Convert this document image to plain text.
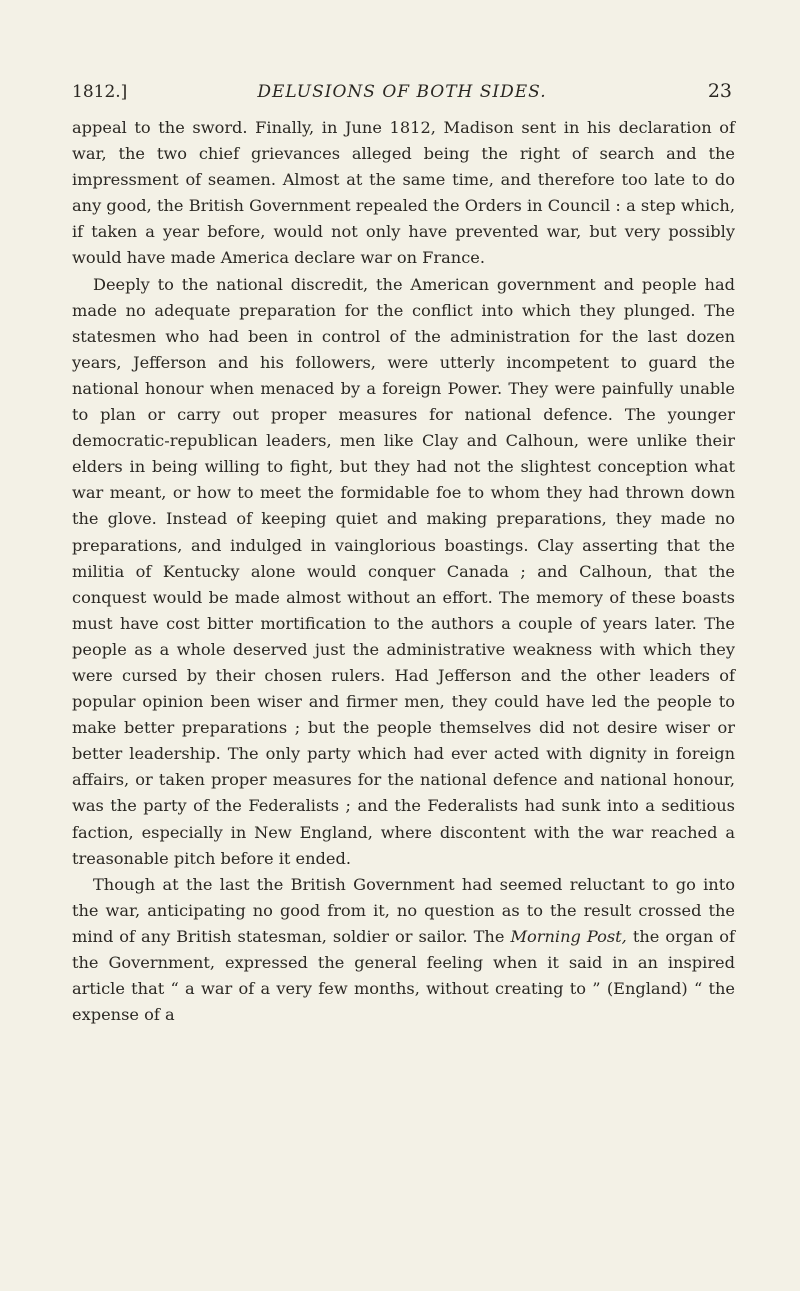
1812.]	DELUSIONS OF BOTH SIDES.	23

appeal to the sword. Finally, in June 1812, Madison sent in his declaration of war, the two chief grievances alleged being the right of search and the impressment of seamen. Almost at the same time, and therefore too late to do any good, the British Government repealed the Orders in Council : a step which, if taken a year before, would not only have prevented war, but very possibly would have made America declare war on France.

Deeply to the national discredit, the American government and people had made no adequate preparation for the conflict into which they plunged. The statesmen who had been in control of the administration for the last dozen years, Jefferson and his followers, were utterly incompetent to guard the national honour when menaced by a foreign Power. They were painfully unable to plan or carry out proper measures for national defence. The younger democratic-republican leaders, men like Clay and Calhoun, were unlike their elders in being willing to fight, but they had not the slightest conception what war meant, or how to meet the formidable foe to whom they had thrown down the glove. Instead of keeping quiet and making preparations, they made no preparations, and indulged in vainglorious boastings. Clay asserting that the militia of Kentucky alone would conquer Canada ; and Calhoun, that the conquest would be made almost without an effort. The memory of these boasts must have cost bitter mortification to the authors a couple of years later. The people as a whole deserved just the administrative weakness with which they were cursed by their chosen rulers. Had Jefferson and the other leaders of popular opinion been wiser and firmer men, they could have led the people to make better preparations ; but the people themselves did not desire wiser or better leadership. The only party which had ever acted with dignity in foreign affairs, or taken proper measures for the national defence and national honour, was the party of the Federalists ; and the Federalists had sunk into a seditious faction, especially in New England, where discontent with the war reached a treasonable pitch before it ended.

Though at the last the British Government had seemed reluctant to go into the war, anticipating no good from it, no question as to the result crossed the mind of any British statesman, soldier or sailor. The Morning Post, the organ of the Government, expressed the general feeling when it said in an inspired article that “ a war of a very few months, without creating to ” (England) “ the expense of a
